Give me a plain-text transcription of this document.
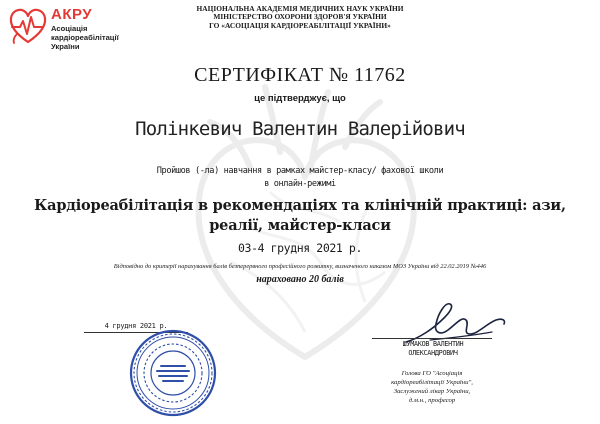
АКРУ
Асоціація кардіореабілітації України
НАЦІОНАЛЬНА АКАДЕМІЯ МЕДИЧНИХ НАУК УКРАЇНИ
МІНІСТЕРСТВО ОХОРОНИ ЗДОРОВ'Я УКРАЇНИ
ГО «АСОЦІАЦІЯ КАРДІОРЕАБІЛІТАЦІЇ УКРАЇНИ»
СЕРТИФІКАТ № 11762
це підтверджує, що
Полінкевич Валентин Валерійович
Пройшов (-ла) навчання в рамках майстер-класу/ фахової школи
в онлайн-режимі
Кардіореабілітація в рекомендаціях та клінічній практиці: ази,
реалії, майстер-класи
03-4 грудня 2021 р.
Відповідно до критерії нарахування балів безперервного професійного розвитку, визначеного наказом МОЗ України від 22.02.2019 №446
нараховано 20 балів
4 грудня 2021 р.
ШУМАКОВ ВАЛЕНТИН
ОЛЕКСАНДРОВИЧ
Голова ГО "Асоціація
кардіореабілітації України",
Заслужений лікар України,
д.м.н., професор
